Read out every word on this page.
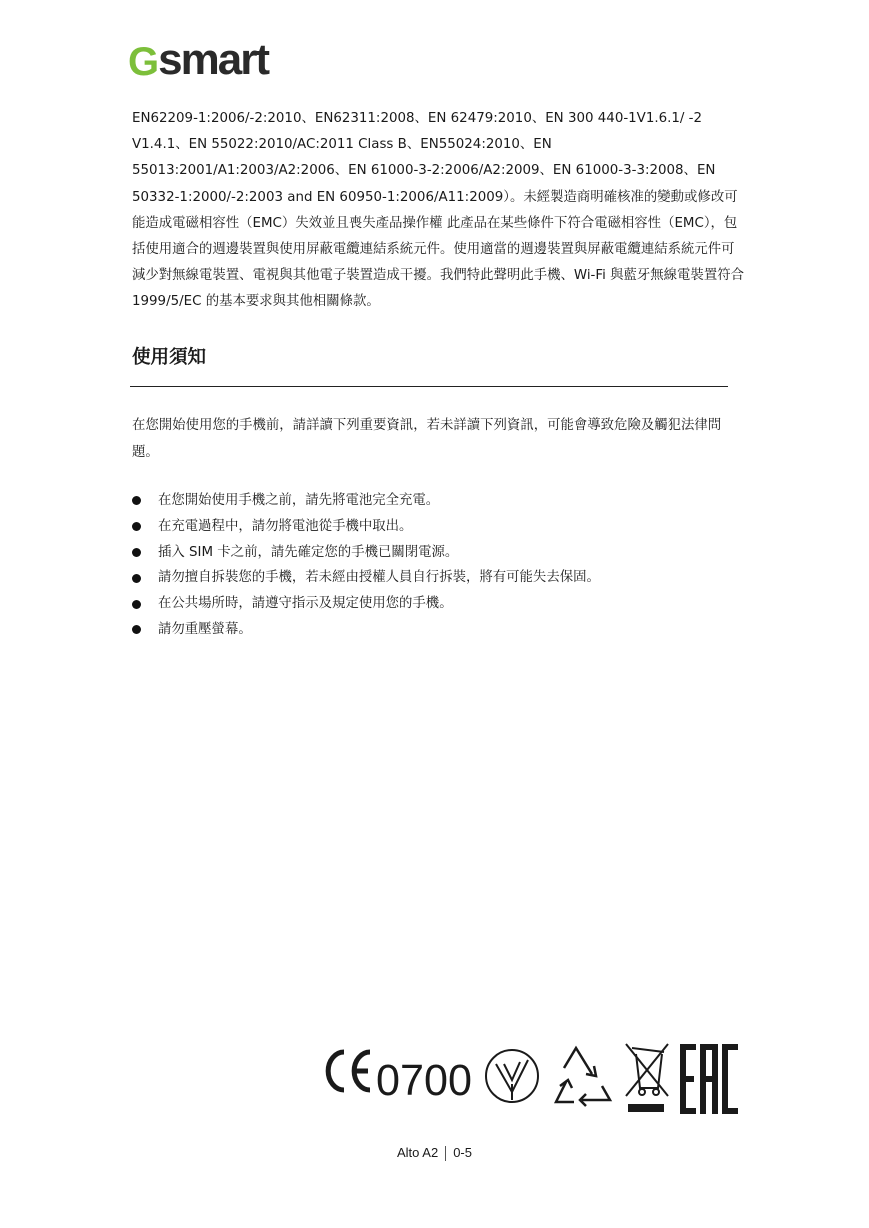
G smart

EN62209-1:2006/-2:2010、EN62311:2008、EN 62479:2010、EN 300 440-1V1.6.1/ -2 V1.4.1、EN 55022:2010/AC:2011 Class B、EN55024:2010、EN 55013:2001/A1:2003/A2:2006、EN 61000-3-2:2006/A2:2009、EN 61000-3-3:2008、EN 50332-1:2000/-2:2003 and EN 60950-1:2006/A11:2009）。未經製造商明確核准的變動或修改可能造成電磁相容性（EMC）失效並且喪失產品操作權 此產品在某些條件下符合電磁相容性（EMC），包括使用適合的週邊裝置與使用屏蔽電纜連結系統元件。使用適當的週邊裝置與屏蔽電纜連結系統元件可減少對無線電裝置、電視與其他電子裝置造成干擾。我們特此聲明此手機、Wi-Fi 與藍牙無線電裝置符合 1999/5/EC 的基本要求與其他相關條款。

使用須知

在您開始使用您的手機前，請詳讀下列重要資訊，若未詳讀下列資訊，可能會導致危險及觸犯法律問題。

在您開始使用手機之前，請先將電池完全充電。
在充電過程中，請勿將電池從手機中取出。
插入 SIM 卡之前，請先確定您的手機已關閉電源。
請勿擅自拆裝您的手機，若未經由授權人員自行拆裝，將有可能失去保固。
在公共場所時，請遵守指示及規定使用您的手機。
請勿重壓螢幕。
0700
Alto A2 0-5
